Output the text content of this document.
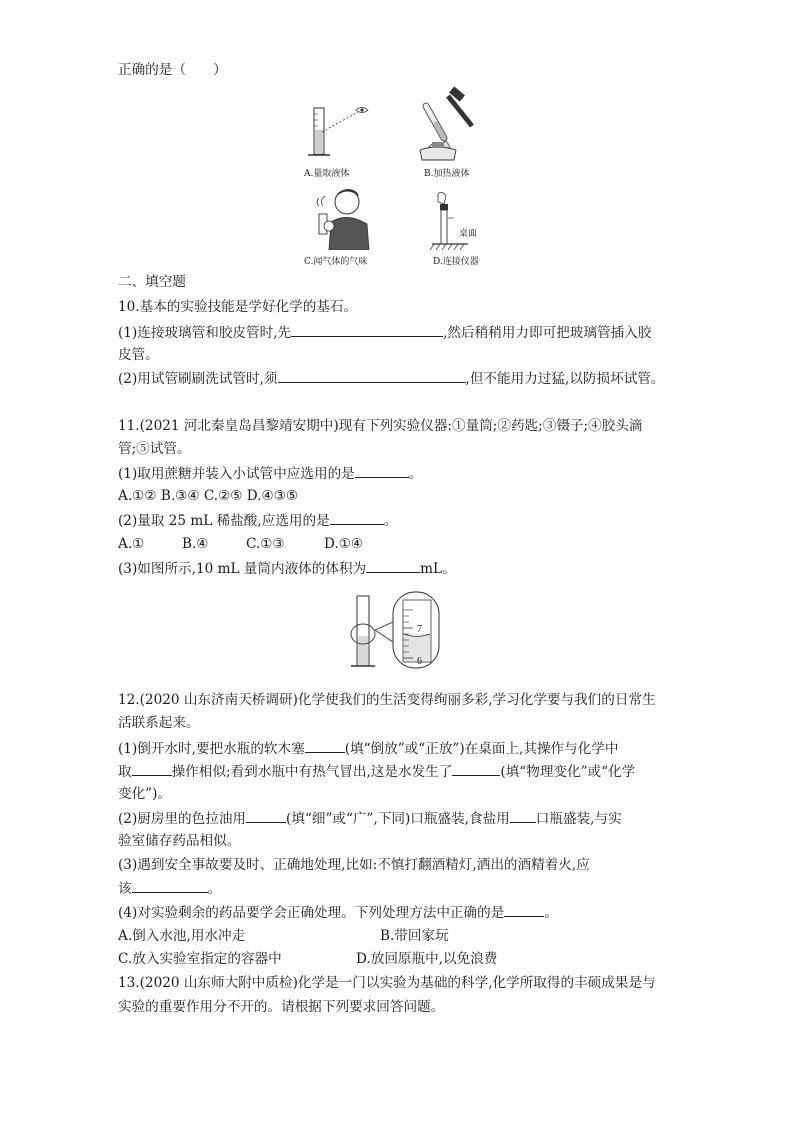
正确的是（　　）
A.量取液体	B.加热液体
C.闻气体的气味
桌面
D.连接仪器
二、填空题
10.基本的实验技能是学好化学的基石。
(1)连接玻璃管和胶皮管时,先	,然后稍稍用力即可把玻璃管插入胶
皮管。
(2)用试管刷刷洗试管时,须	,但不能用力过猛,以防损坏试管。
11.(2021 河北秦皇岛昌黎靖安期中)现有下列实验仪器:①量筒;②药匙;③镊子;④胶头滴
管;⑤试管。
(1)取用蔗糖并装入小试管中应选用的是	。
A.①② B.③④ C.②⑤ D.④③⑤
(2)量取 25 mL 稀盐酸,应选用的是	。
A.①	B.④	C.①③	D.①④
(3)如图所示,10 mL 量筒内液体的体积为	mL。
7
6
12.(2020 山东济南天桥调研)化学使我们的生活变得绚丽多彩,学习化学要与我们的日常生
活联系起来。
(1)倒开水时,要把水瓶的软木塞	(填“倒放”或“正放”)在桌面上,其操作与化学中
取	操作相似;看到水瓶中有热气冒出,这是水发生了	(填“物理变化”或“化学
变化”)。
(2)厨房里的色拉油用	(填“细”或“广”,下同)口瓶盛装,食盐用 口瓶盛装,与实
验室储存药品相似。
(3)遇到安全事故要及时、正确地处理,比如:不慎打翻酒精灯,洒出的酒精着火,应
该	。
(4)对实验剩余的药品要学会正确处理。下列处理方法中正确的是	。
A.倒入水池,用水冲走	B.带回家玩
C.放入实验室指定的容器中	D.放回原瓶中,以免浪费
13.(2020 山东师大附中质检)化学是一门以实验为基础的科学,化学所取得的丰硕成果是与
实验的重要作用分不开的。请根据下列要求回答问题。
